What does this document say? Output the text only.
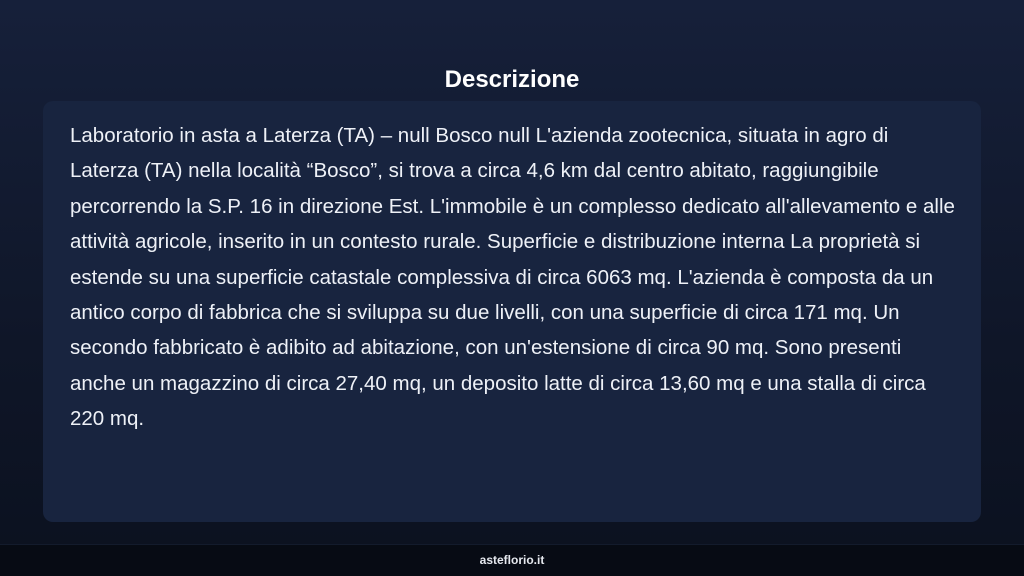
Descrizione

Laboratorio in asta a Laterza (TA) – null Bosco null L'azienda zootecnica, situata in agro di Laterza (TA) nella località “Bosco”, si trova a circa 4,6 km dal centro abitato, raggiungibile percorrendo la S.P. 16 in direzione Est. L'immobile è un complesso dedicato all'allevamento e alle attività agricole, inserito in un contesto rurale. Superficie e distribuzione interna La proprietà si estende su una superficie catastale complessiva di circa 6063 mq. L'azienda è composta da un antico corpo di fabbrica che si sviluppa su due livelli, con una superficie di circa 171 mq. Un secondo fabbricato è adibito ad abitazione, con un'estensione di circa 90 mq. Sono presenti anche un magazzino di circa 27,40 mq, un deposito latte di circa 13,60 mq e una stalla di circa 220 mq.

asteflorio.it
